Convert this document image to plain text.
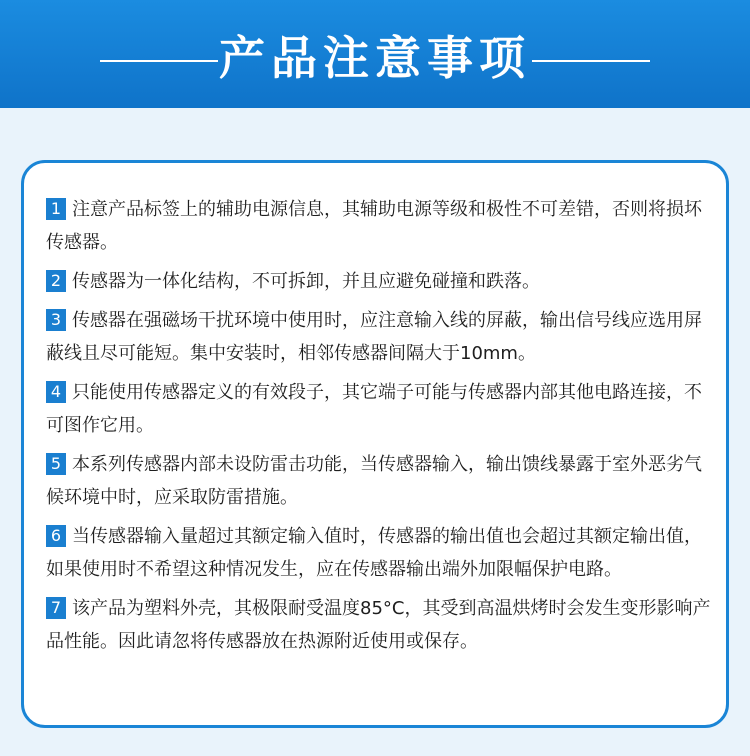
产品注意事项
1 注意产品标签上的辅助电源信息，其辅助电源等级和极性不可差错，否则将损坏传感器。
2 传感器为一体化结构，不可拆卸，并且应避免碰撞和跌落。
3 传感器在强磁场干扰环境中使用时，应注意输入线的屏蔽，输出信号线应选用屏蔽线且尽可能短。集中安装时，相邻传感器间隔大于10mm。
4 只能使用传感器定义的有效段子，其它端子可能与传感器内部其他电路连接，不可图作它用。
5 本系列传感器内部未设防雷击功能，当传感器输入，输出馈线暴露于室外恶劣气候环境中时，应采取防雷措施。
6 当传感器输入量超过其额定输入值时，传感器的输出值也会超过其额定输出值，如果使用时不希望这种情况发生，应在传感器输出端外加限幅保护电路。
7 该产品为塑料外壳，其极限耐受温度85°C，其受到高温烘烤时会发生变形影响产品性能。因此请忽将传感器放在热源附近使用或保存。
